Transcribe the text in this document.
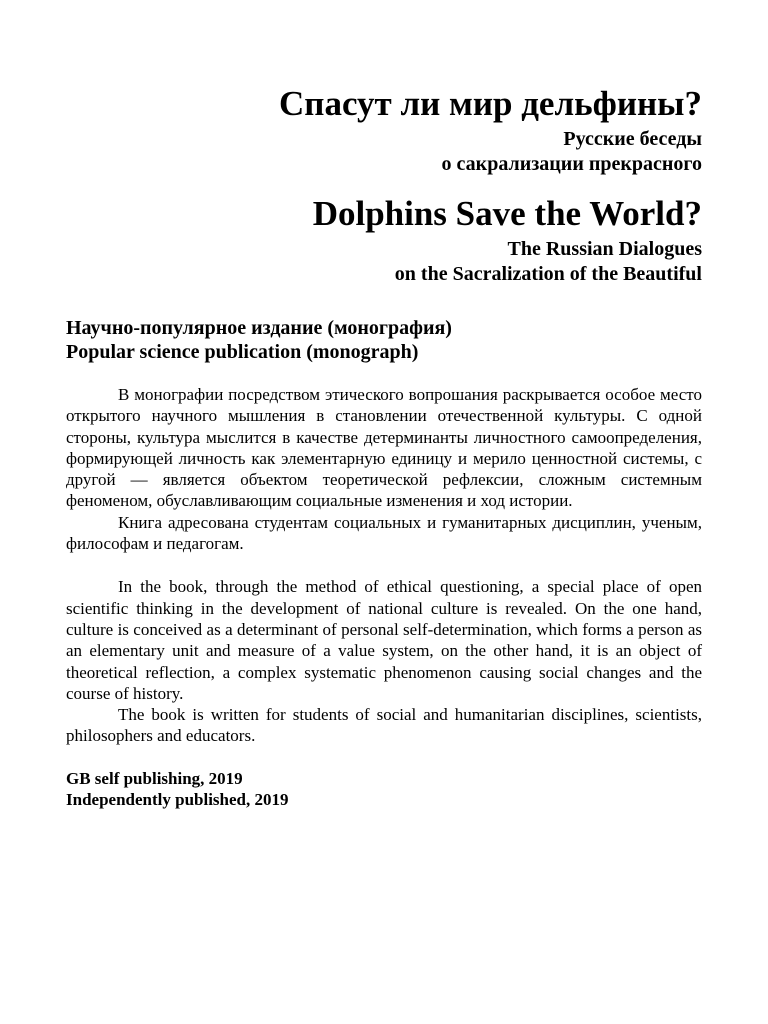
Спасут ли мир дельфины?
Русские беседы
о сакрализации прекрасного
Dolphins Save the World?
The Russian Dialogues
on the Sacralization of the Beautiful
Научно-популярное издание (монография)
Popular science publication (monograph)

В монографии посредством этического вопрошания раскрывается особое место открытого научного мышления в становлении отечественной культуры. С одной стороны, культура мыслится в качестве детерминанты личностного самоопределения, формирующей личность как элементарную единицу и мерило ценностной системы, с другой — является объектом теоретической рефлексии, сложным системным феноменом, обуславливающим социальные изменения и ход истории.

Книга адресована студентам социальных и гуманитарных дисциплин, ученым, философам и педагогам.

In the book, through the method of ethical questioning, a special place of open scientific thinking in the development of national culture is revealed. On the one hand, culture is conceived as a determinant of personal self-determination, which forms a person as an elementary unit and measure of a value system, on the other hand, it is an object of theoretical reflection, a complex systematic phenomenon causing social changes and the course of history.

The book is written for students of social and humanitarian disciplines, scientists, philosophers and educators.

GB self publishing, 2019
Independently published, 2019
